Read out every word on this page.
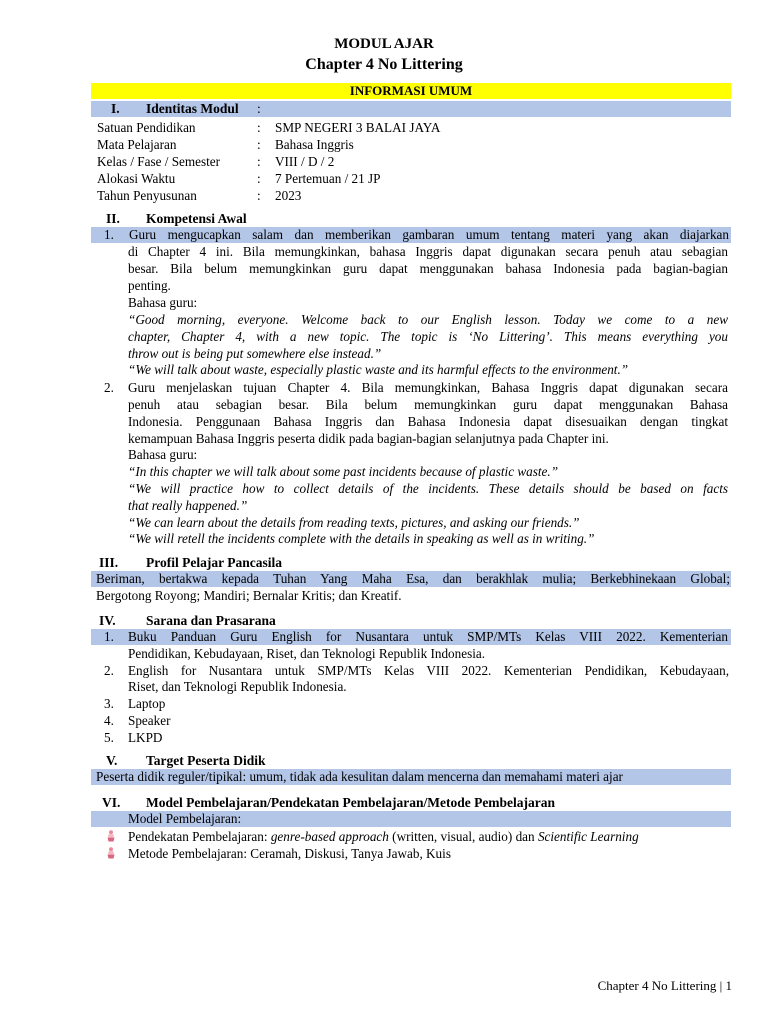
MODUL AJAR
Chapter 4 No Littering
INFORMASI UMUM
I. Identitas Modul :
Satuan Pendidikan	: SMP NEGERI 3 BALAI JAYA
Mata Pelajaran	: Bahasa Inggris
Kelas / Fase / Semester	: VIII / D / 2
Alokasi Waktu	: 7 Pertemuan / 21 JP
Tahun Penyusunan	: 2023
II. Kompetensi Awal
1. Guru mengucapkan salam dan memberikan gambaran umum tentang materi yang akan diajarkan
di Chapter 4 ini. Bila memungkinkan, bahasa Inggris dapat digunakan secara penuh atau sebagian
besar. Bila belum memungkinkan guru dapat menggunakan bahasa Indonesia pada bagian-bagian
penting.
Bahasa guru:
“Good morning, everyone. Welcome back to our English lesson. Today we come to a new
chapter, Chapter 4, with a new topic. The topic is ‘No Littering’. This means everything you
throw out is being put somewhere else instead.”
“We will talk about waste, especially plastic waste and its harmful effects to the environment.”
2. Guru menjelaskan tujuan Chapter 4. Bila memungkinkan, Bahasa Inggris dapat digunakan secara
penuh atau sebagian besar. Bila belum memungkinkan guru dapat menggunakan Bahasa
Indonesia. Penggunaan Bahasa Inggris dan Bahasa Indonesia dapat disesuaikan dengan tingkat
kemampuan Bahasa Inggris peserta didik pada bagian-bagian selanjutnya pada Chapter ini.
Bahasa guru:
“In this chapter we will talk about some past incidents because of plastic waste.”
“We will practice how to collect details of the incidents. These details should be based on facts
that really happened.”
“We can learn about the details from reading texts, pictures, and asking our friends.”
“We will retell the incidents complete with the details in speaking as well as in writing.”
III. Profil Pelajar Pancasila
Beriman, bertakwa kepada Tuhan Yang Maha Esa, dan berakhlak mulia; Berkebhinekaan Global;
Bergotong Royong; Mandiri; Bernalar Kritis; dan Kreatif.
IV. Sarana dan Prasarana
1. Buku Panduan Guru English for Nusantara untuk SMP/MTs Kelas VIII 2022. Kementerian
Pendidikan, Kebudayaan, Riset, dan Teknologi Republik Indonesia.
2. English for Nusantara untuk SMP/MTs Kelas VIII 2022. Kementerian Pendidikan, Kebudayaan,
Riset, dan Teknologi Republik Indonesia.
3. Laptop
4. Speaker
5. LKPD
V. Target Peserta Didik
Peserta didik reguler/tipikal: umum, tidak ada kesulitan dalam mencerna dan memahami materi ajar
VI. Model Pembelajaran/Pendekatan Pembelajaran/Metode Pembelajaran
Model Pembelajaran:
Pendekatan Pembelajaran: genre-based approach (written, visual, audio) dan Scientific Learning
Metode Pembelajaran: Ceramah, Diskusi, Tanya Jawab, Kuis
Chapter 4 No Littering | 1
